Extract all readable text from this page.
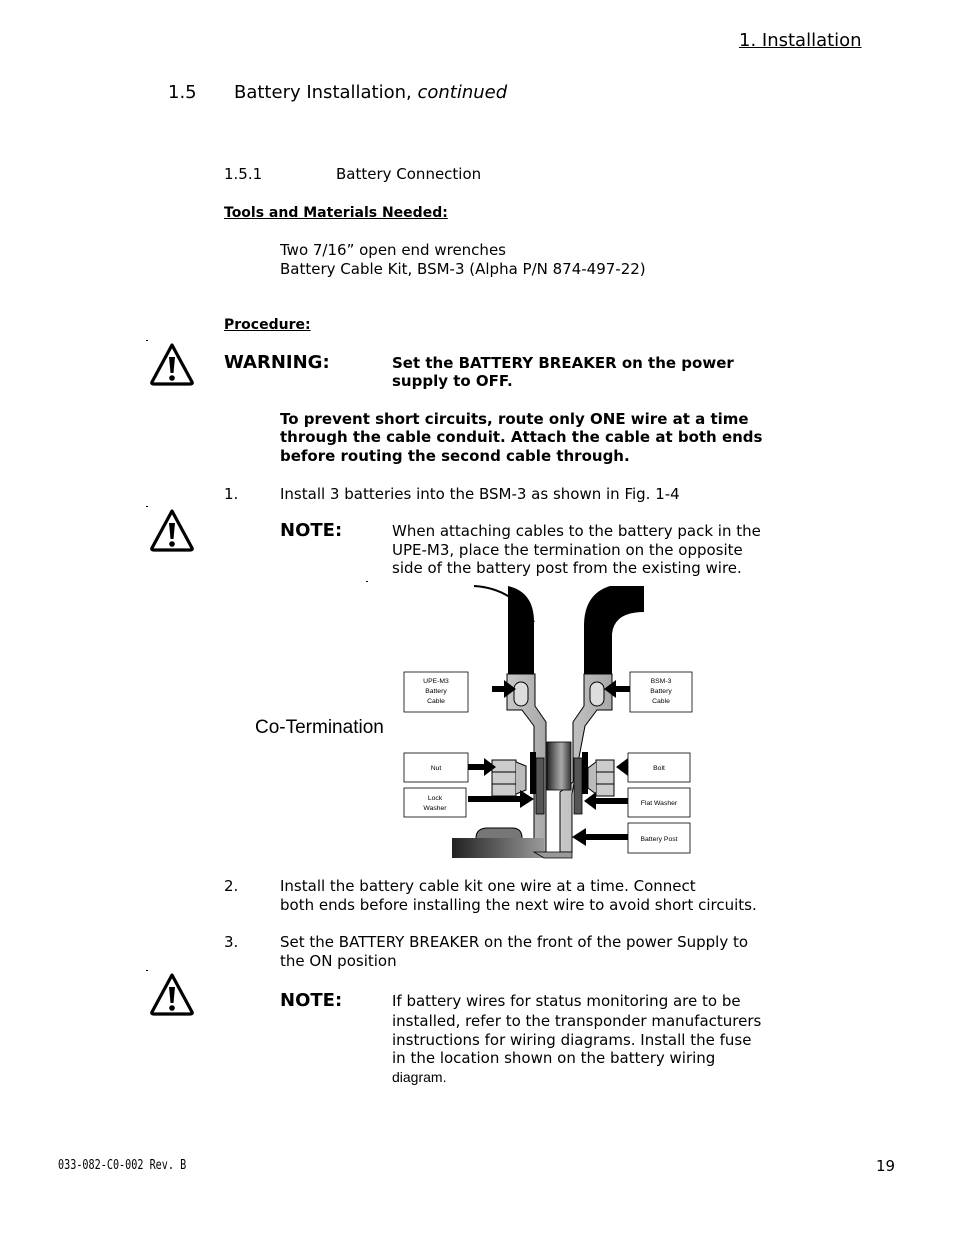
1. Installation
1.5 Battery Installation, continued
1.5.1	Battery Connection
Tools and Materials Needed:
Two 7/16” open end wrenches
Battery Cable Kit, BSM-3 (Alpha P/N 874-497-22)
Procedure:
WARNING:	Set the BATTERY BREAKER on the power
supply to OFF.
To prevent short circuits, route only ONE wire at a time
through the cable conduit. Attach the cable at both ends
before routing the second cable through.
1.	Install 3 batteries into the BSM-3 as shown in Fig. 1-4
NOTE:	When attaching cables to the battery pack in the
UPE-M3, place the termination on the opposite
side of the battery post from the existing wire.
Co-Termination
UPE-M3
Battery
Cable
BSM-3
Battery
Cable
Nut
Lock
Washer
Bolt
Flat Washer
Battery Post
2.	Install the battery cable kit one wire at a time. Connect
both ends before installing the next wire to avoid short circuits.
3.	Set the BATTERY BREAKER on the front of the power Supply to
the ON position
NOTE:	If battery wires for status monitoring are to be
installed, refer to the transponder manufacturers
instructions for wiring diagrams. Install the fuse
in the location shown on the battery wiring
diagram.
033-082-C0-002 Rev. B	19
